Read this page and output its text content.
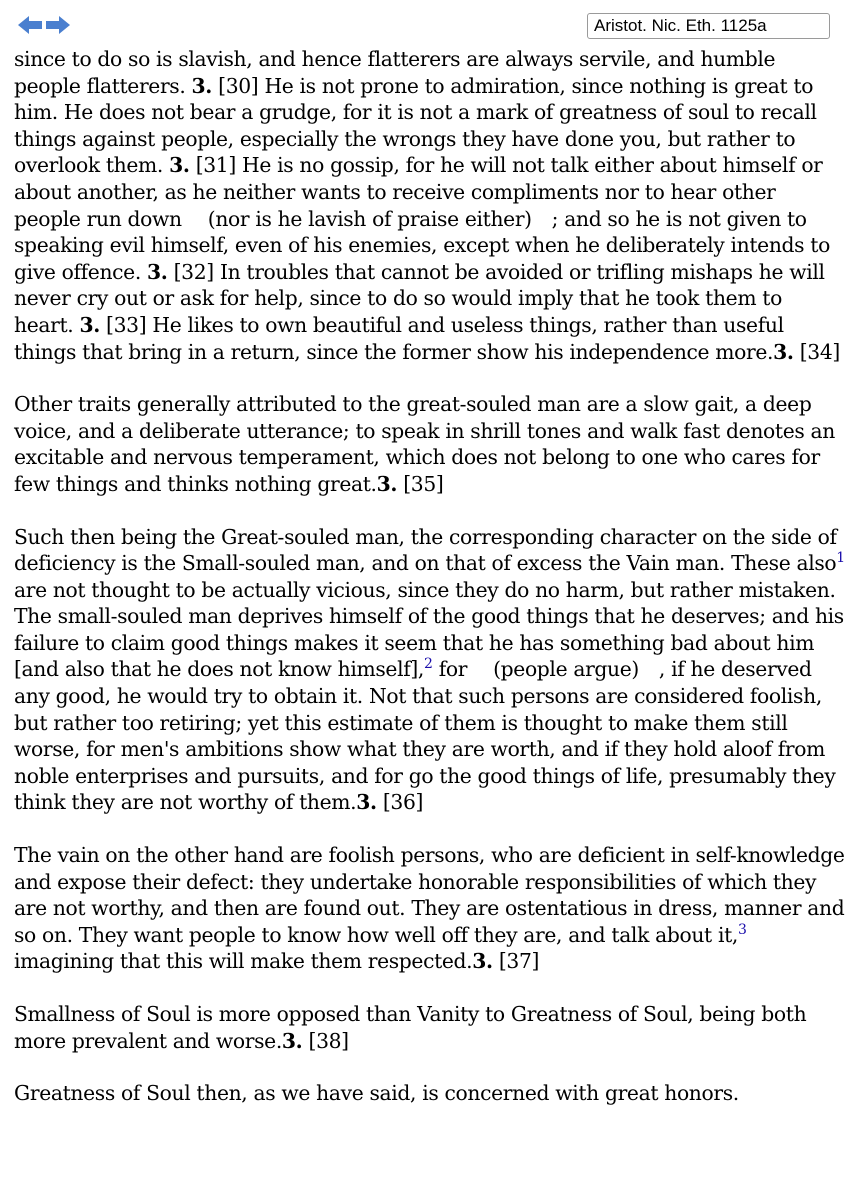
Aristot. Nic. Eth. 1125a

since to do so is slavish, and hence flatterers are always servile, and humble people flatterers. 3. [30] He is not prone to admiration, since nothing is great to him. He does not bear a grudge, for it is not a mark of greatness of soul to recall things against people, especially the wrongs they have done you, but rather to overlook them. 3. [31] He is no gossip, for he will not talk either about himself or about another, as he neither wants to receive compliments nor to hear other people run down 　(nor is he lavish of praise either)　; and so he is not given to speaking evil himself, even of his enemies, except when he deliberately intends to give offence. 3. [32] In troubles that cannot be avoided or trifling mishaps he will never cry out or ask for help, since to do so would imply that he took them to heart. 3. [33] He likes to own beautiful and useless things, rather than useful things that bring in a return, since the former show his independence more.3. [34]

Other traits generally attributed to the great-souled man are a slow gait, a deep voice, and a deliberate utterance; to speak in shrill tones and walk fast denotes an excitable and nervous temperament, which does not belong to one who cares for few things and thinks nothing great.3. [35]

Such then being the Great-souled man, the corresponding character on the side of deficiency is the Small-souled man, and on that of excess the Vain man. These also$^1$ are not thought to be actually vicious, since they do no harm, but rather mistaken. The small-souled man deprives himself of the good things that he deserves; and his failure to claim good things makes it seem that he has something bad about him [and also that he does not know himself],$^2$ for 　(people argue)　, if he deserved any good, he would try to obtain it. Not that such persons are considered foolish, but rather too retiring; yet this estimate of them is thought to make them still worse, for men's ambitions show what they are worth, and if they hold aloof from noble enterprises and pursuits, and for go the good things of life, presumably they think they are not worthy of them.3. [36]

The vain on the other hand are foolish persons, who are deficient in self-knowledge and expose their defect: they undertake honorable responsibilities of which they are not worthy, and then are found out. They are ostentatious in dress, manner and so on. They want people to know how well off they are, and talk about it,$^3$ imagining that this will make them respected.3. [37]

Smallness of Soul is more opposed than Vanity to Greatness of Soul, being both more prevalent and worse.3. [38]

Greatness of Soul then, as we have said, is concerned with great honors.
